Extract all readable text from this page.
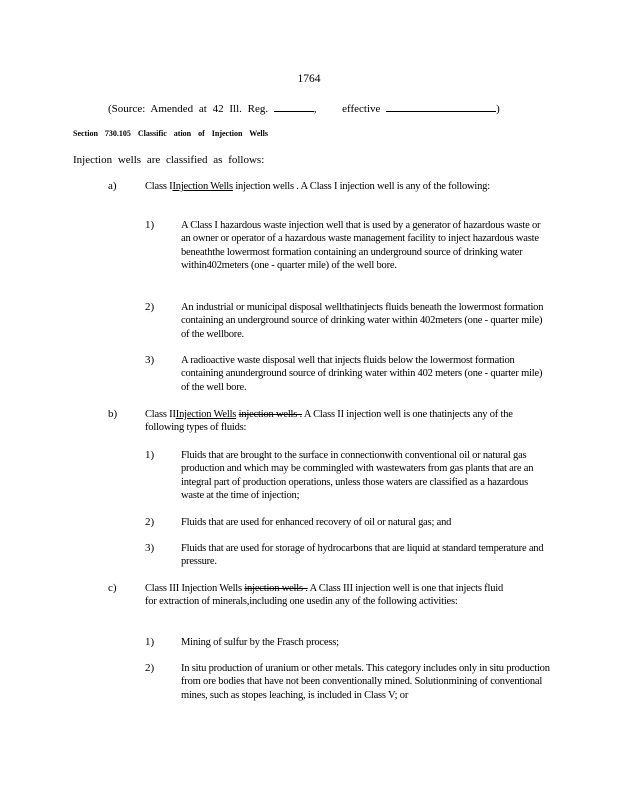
1764
(Source: Amended at 42 Ill. Reg.	, effective	)
Section 730.105 Classific ation of Injection Wells
Injection wells are classified as follows:
a)	Class IInjection Wells injection wells . A Class I injection well is any of the following:
1)	A Class I hazardous waste injection well that is used by a generator of hazardous waste or an owner or operator of a hazardous waste management facility to inject hazardous waste beneaththe lowermost formation containing an underground source of drinking water within402meters (one - quarter mile) of the well bore.
2)	An industrial or municipal disposal wellthatinjects fluids beneath the lowermost formation containing an underground source of drinking water within 402meters (one - quarter mile) of the wellbore.
3)	A radioactive waste disposal well that injects fluids below the lowermost formation containing anunderground source of drinking water within 402 meters (one - quarter mile) of the well bore.
b)	Class IIInjection Wells injection wells . A Class II injection well is one thatinjects any of the following types of fluids:
1)	Fluids that are brought to the surface in connectionwith conventional oil or natural gas production and which may be commingled with wastewaters from gas plants that are an integral part of production operations, unless those waters are classified as a hazardous waste at the time of injection;
2)	Fluids that are used for enhanced recovery of oil or natural gas; and
3)	Fluids that are used for storage of hydrocarbons that are liquid at standard temperature and pressure.
c)	Class III Injection Wells injection wells . A Class III injection well is one that injects fluid for extraction of minerals,including one usedin any of the following activities:
1)	Mining of sulfur by the Frasch process;
2)	In situ production of uranium or other metals. This category includes only in situ production from ore bodies that have not been conventionally mined. Solutionmining of conventional mines, such as stopes leaching, is included in Class V; or
